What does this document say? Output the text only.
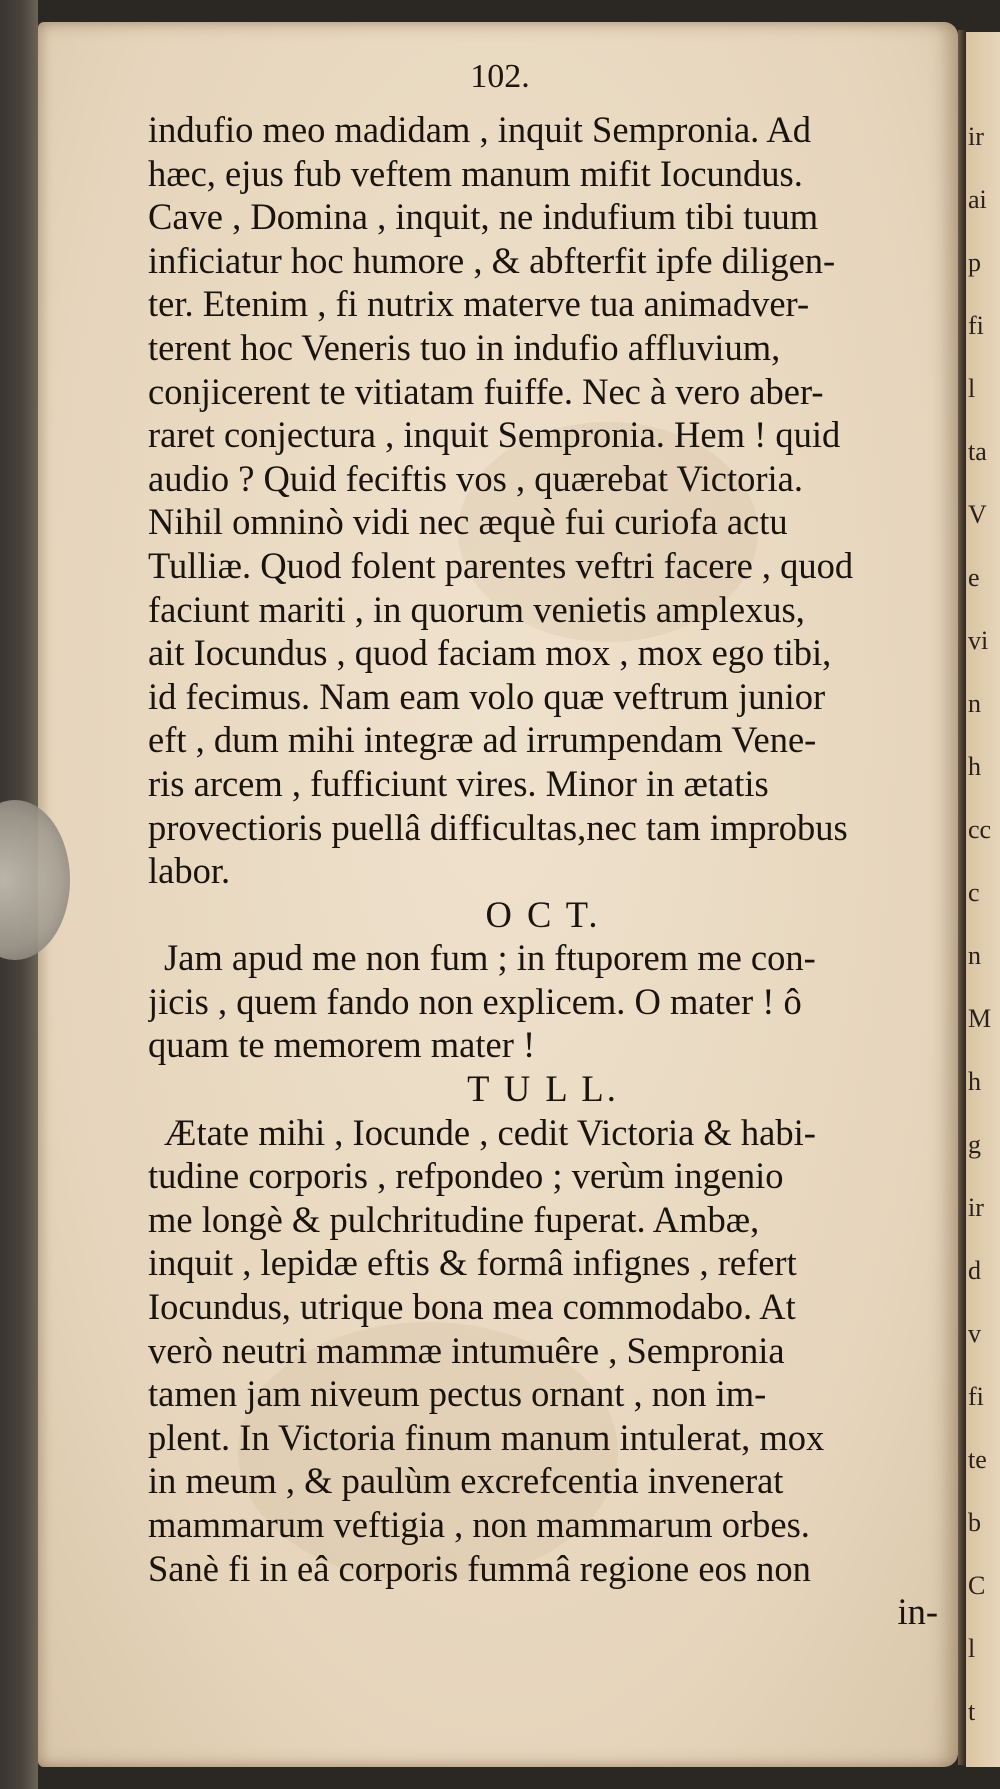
ir
ai
p
fi
l
ta
V
e
vi
n
h
cc
c
n
M
h
g
ir
d
v
fi
te
b
C
l
t
102.
indufio meo madidam , inquit Sempronia. Ad
hæc, ejus fub veftem manum mifit Iocundus.
Cave , Domina , inquit, ne indufium tibi tuum
inficiatur hoc humore , & abfterfit ipfe diligen-
ter. Etenim , fi nutrix materve tua animadver-
terent hoc Veneris tuo in indufio affluvium,
conjicerent te vitiatam fuiffe. Nec à vero aber-
raret conjectura , inquit Sempronia. Hem ! quid
audio ? Quid feciftis vos , quærebat Victoria.
Nihil omninò vidi nec æquè fui curiofa actu
Tulliæ. Quod folent parentes veftri facere , quod
faciunt mariti , in quorum venietis amplexus,
ait Iocundus , quod faciam mox , mox ego tibi,
id fecimus. Nam eam volo quæ veftrum junior
eft , dum mihi integræ ad irrumpendam Vene-
ris arcem , fufficiunt vires. Minor in ætatis
provectioris puellâ difficultas,nec tam improbus
labor.
O C T.
Jam apud me non fum ; in ftuporem me con-
jicis , quem fando non explicem. O mater ! ô
quam te memorem mater !
T U L L.
Ætate mihi , Iocunde , cedit Victoria & habi-
tudine corporis , refpondeo ; verùm ingenio
me longè & pulchritudine fuperat. Ambæ,
inquit , lepidæ eftis & formâ infignes , refert
Iocundus, utrique bona mea commodabo. At
verò neutri mammæ intumuêre , Sempronia
tamen jam niveum pectus ornant , non im-
plent. In Victoria finum manum intulerat, mox
in meum , & paulùm excrefcentia invenerat
mammarum veftigia , non mammarum orbes.
Sanè fi in eâ corporis fummâ regione eos non
in-
